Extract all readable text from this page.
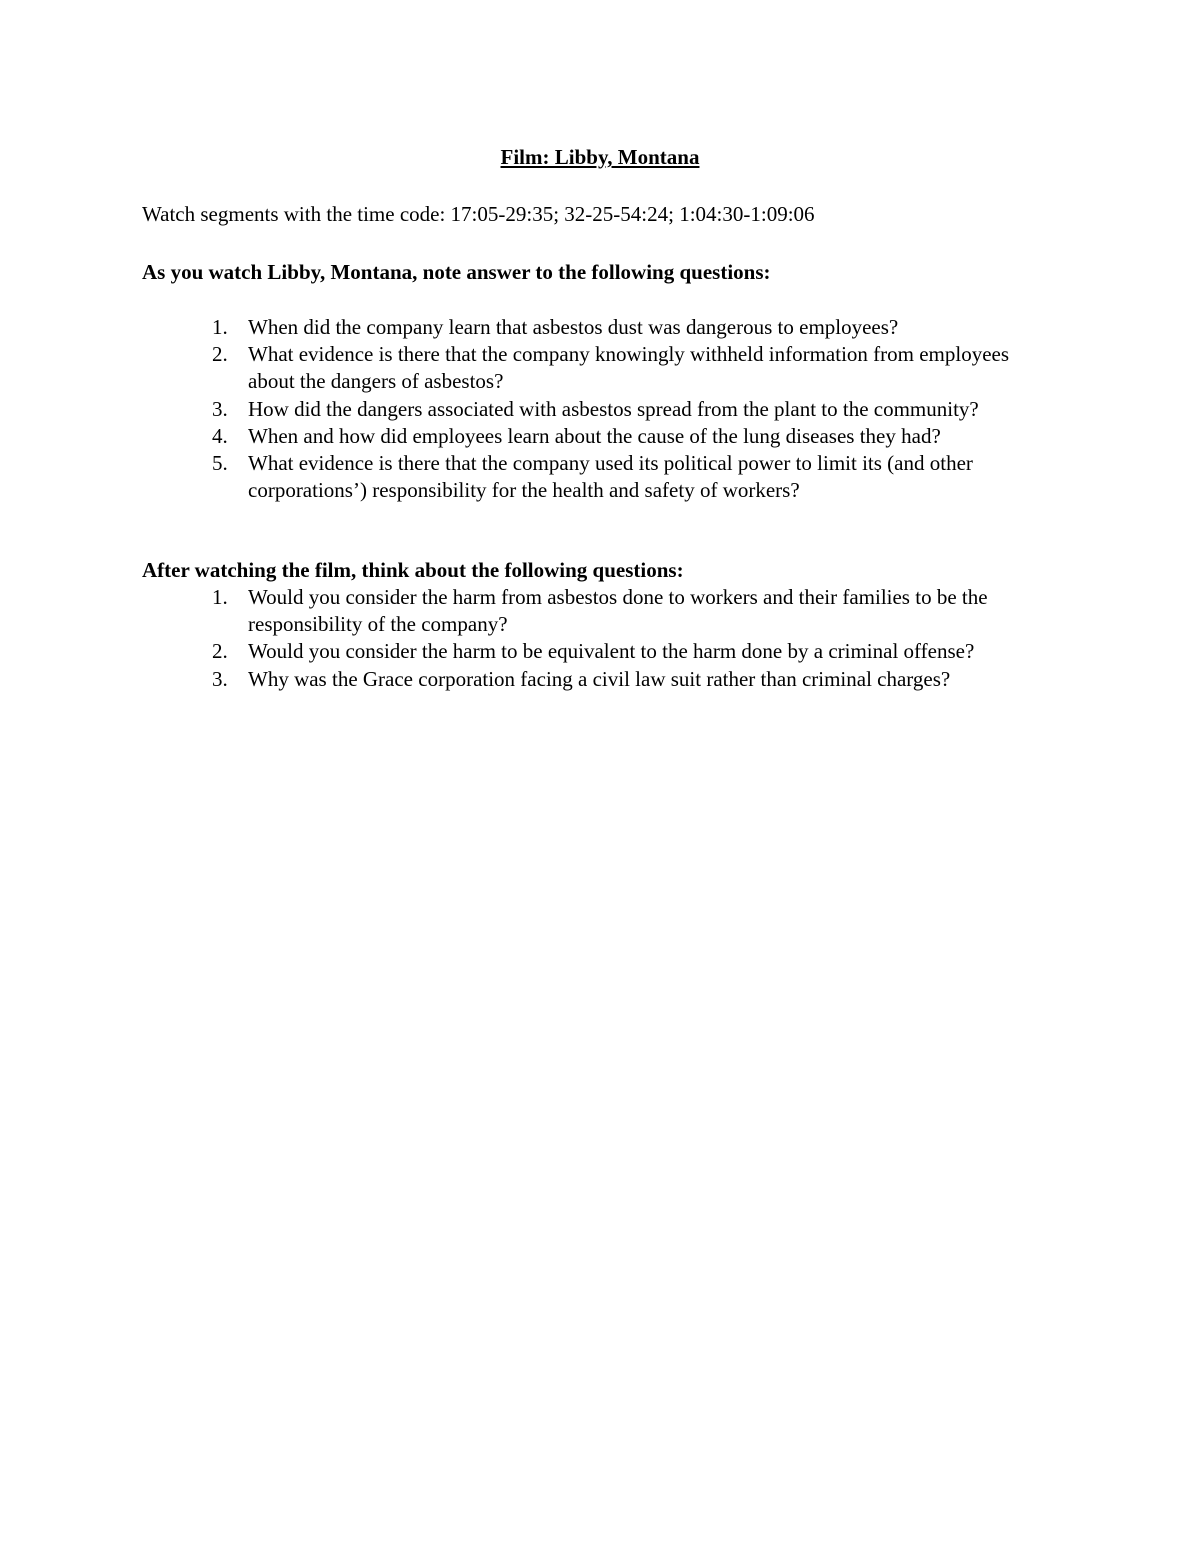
Film: Libby, Montana
Watch segments with the time code: 17:05-29:35; 32-25-54:24; 1:04:30-1:09:06
As you watch Libby, Montana, note answer to the following questions:
1. When did the company learn that asbestos dust was dangerous to employees?
2. What evidence is there that the company knowingly withheld information from employees about the dangers of asbestos?
3. How did the dangers associated with asbestos spread from the plant to the community?
4. When and how did employees learn about the cause of the lung diseases they had?
5. What evidence is there that the company used its political power to limit its (and other corporations’) responsibility for the health and safety of workers?
After watching the film, think about the following questions:
1. Would you consider the harm from asbestos done to workers and their families to be the responsibility of the company?
2. Would you consider the harm to be equivalent to the harm done by a criminal offense?
3. Why was the Grace corporation facing a civil law suit rather than criminal charges?
